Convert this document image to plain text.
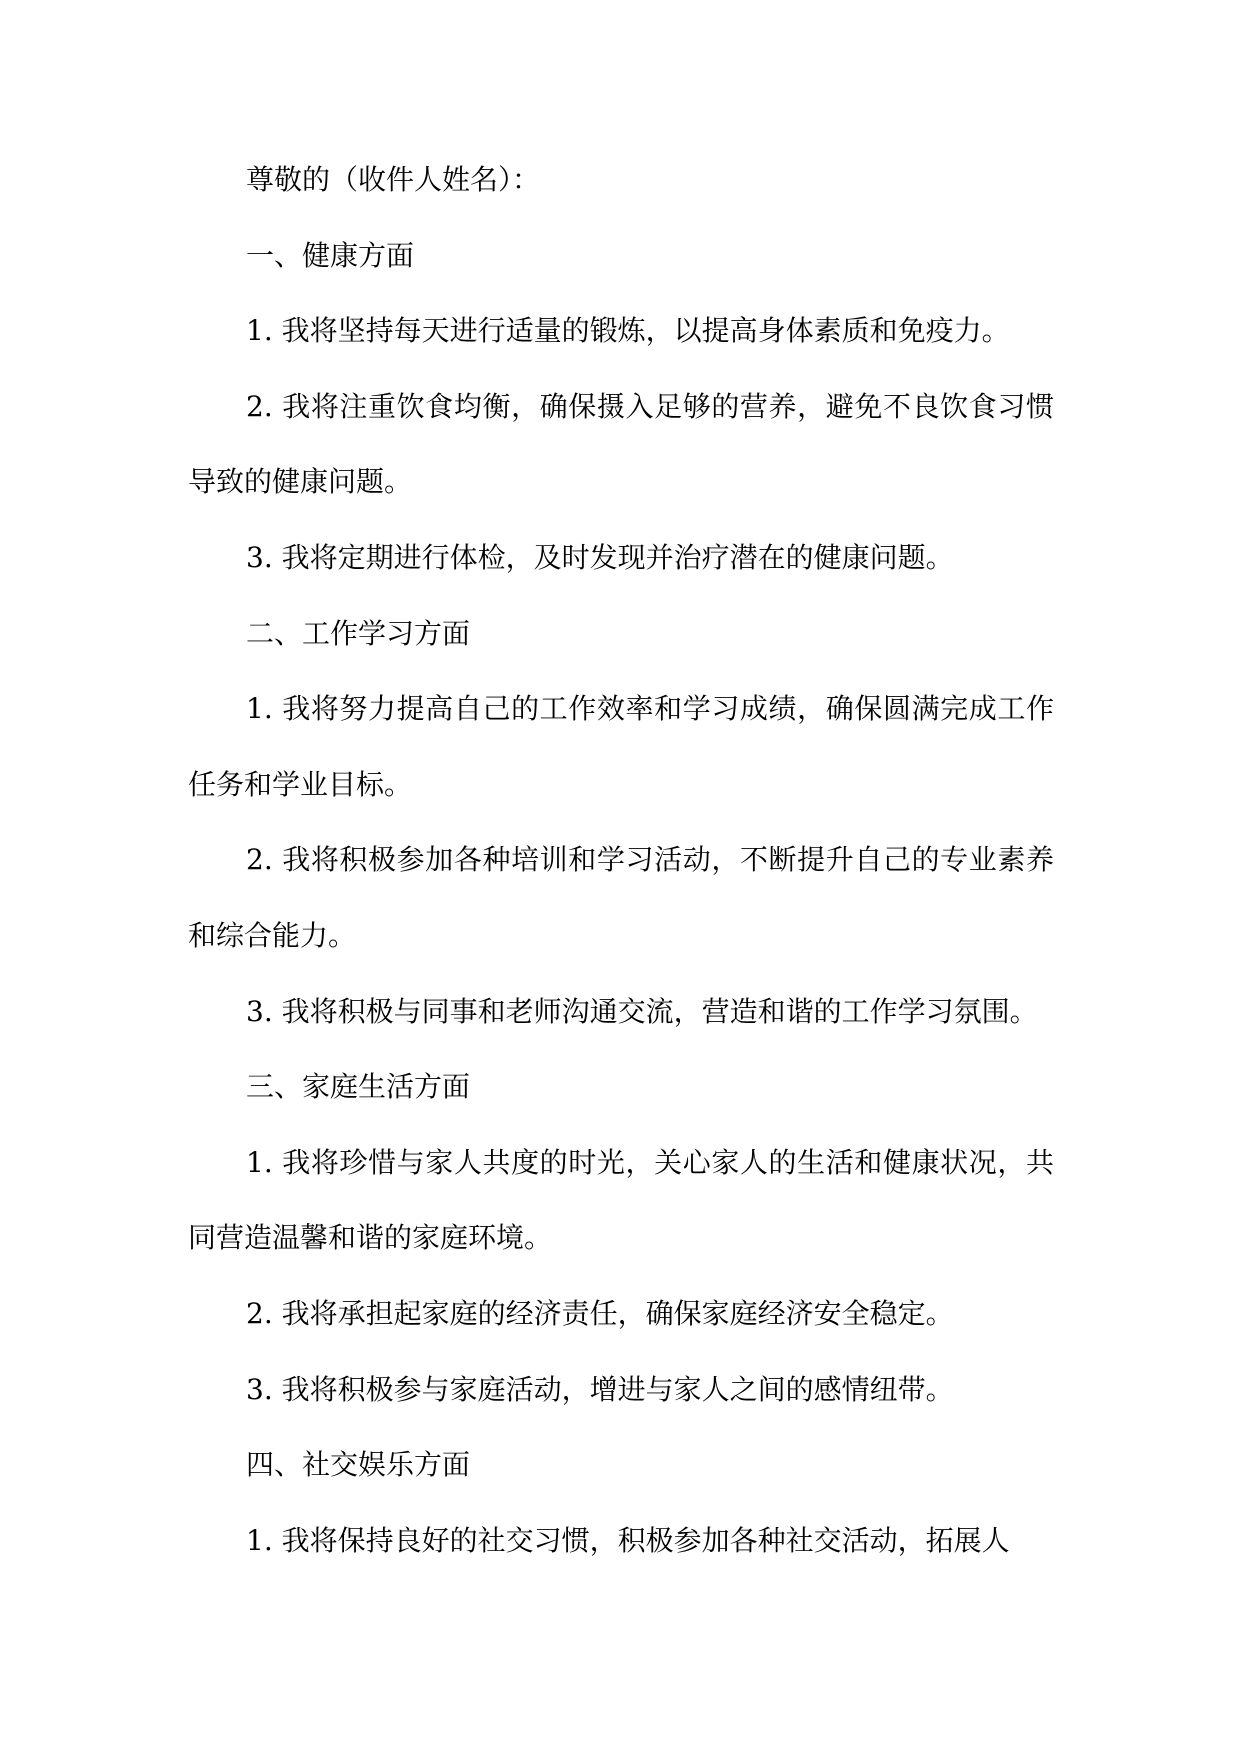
尊敬的（收件人姓名）：

一、健康方面

1. 我将坚持每天进行适量的锻炼，以提高身体素质和免疫力。

2. 我将注重饮食均衡，确保摄入足够的营养，避免不良饮食习惯导致的健康问题。

3. 我将定期进行体检，及时发现并治疗潜在的健康问题。

二、工作学习方面

1. 我将努力提高自己的工作效率和学习成绩，确保圆满完成工作任务和学业目标。

2. 我将积极参加各种培训和学习活动，不断提升自己的专业素养和综合能力。

3. 我将积极与同事和老师沟通交流，营造和谐的工作学习氛围。

三、家庭生活方面

1. 我将珍惜与家人共度的时光，关心家人的生活和健康状况，共同营造温馨和谐的家庭环境。

2. 我将承担起家庭的经济责任，确保家庭经济安全稳定。

3. 我将积极参与家庭活动，增进与家人之间的感情纽带。

四、社交娱乐方面

1. 我将保持良好的社交习惯，积极参加各种社交活动，拓展人
